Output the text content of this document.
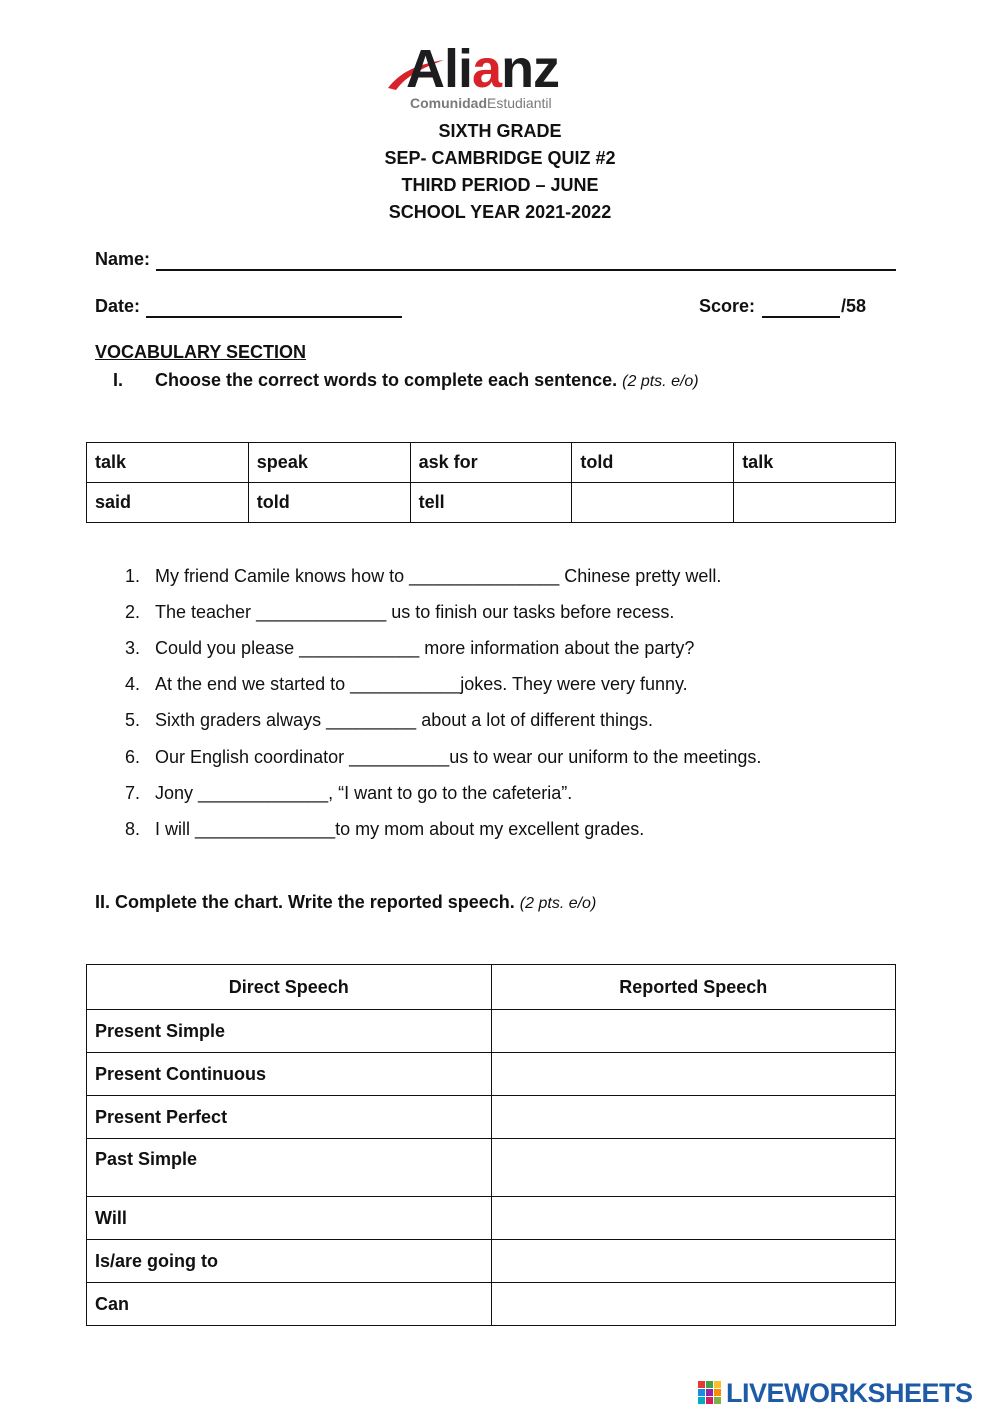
Alianz
ComunidadEstudiantil
SIXTH GRADE
SEP- CAMBRIDGE QUIZ #2
THIRD PERIOD – JUNE
SCHOOL YEAR 2021-2022
Name:
Date:	Score:	/58
VOCABULARY SECTION
I. Choose the correct words to complete each sentence. (2 pts. e/o)
talk	speak	ask for	told	talk
said	told	tell		
1. My friend Camile knows how to _______________ Chinese pretty well.
2. The teacher _____________ us to finish our tasks before recess.
3. Could you please ____________ more information about the party?
4. At the end we started to ___________jokes. They were very funny.
5. Sixth graders always _________ about a lot of different things.
6. Our English coordinator __________us to wear our uniform to the meetings.
7. Jony _____________, “I want to go to the cafeteria”.
8. I will ______________to my mom about my excellent grades.
II. Complete the chart. Write the reported speech. (2 pts. e/o)
Direct Speech	Reported Speech
Present Simple	
Present Continuous	
Present Perfect	
Past Simple	
Will	
Is/are going to	
Can	
LIVEWORKSHEETS
